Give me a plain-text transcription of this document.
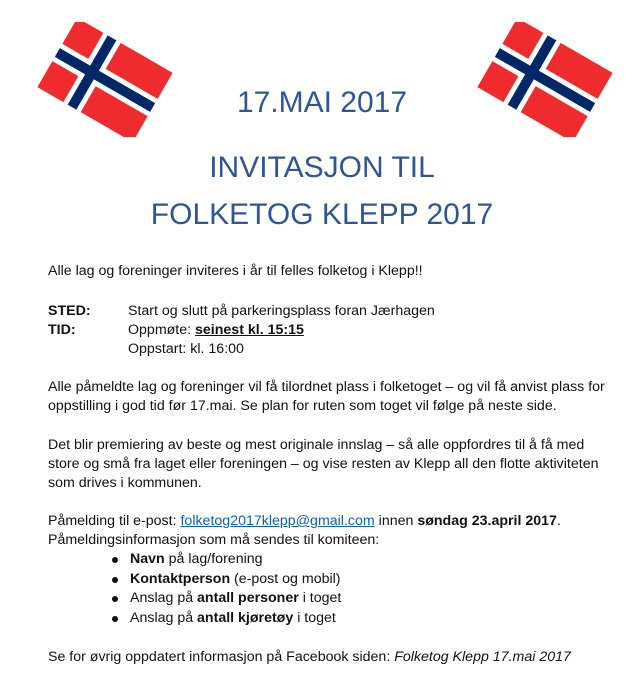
17.MAI 2017
INVITASJON TIL
FOLKETOG KLEPP 2017
Alle lag og foreninger inviteres i år til felles folketog i Klepp!!
STED:	Start og slutt på parkeringsplass foran Jærhagen
TID:	Oppmøte: seinest kl. 15:15
Oppstart: kl. 16:00
Alle påmeldte lag og foreninger vil få tilordnet plass i folketoget – og vil få anvist plass for oppstilling i god tid før 17.mai. Se plan for ruten som toget vil følge på neste side.
Det blir premiering av beste og mest originale innslag – så alle oppfordres til å få med store og små fra laget eller foreningen – og vise resten av Klepp all den flotte aktiviteten som drives i kommunen.
Påmelding til e-post: folketog2017klepp@gmail.com innen søndag 23.april 2017.
Påmeldingsinformasjon som må sendes til komiteen:
Navn på lag/forening
Kontaktperson (e-post og mobil)
Anslag på antall personer i toget
Anslag på antall kjøretøy i toget
Se for øvrig oppdatert informasjon på Facebook siden: Folketog Klepp 17.mai 2017
